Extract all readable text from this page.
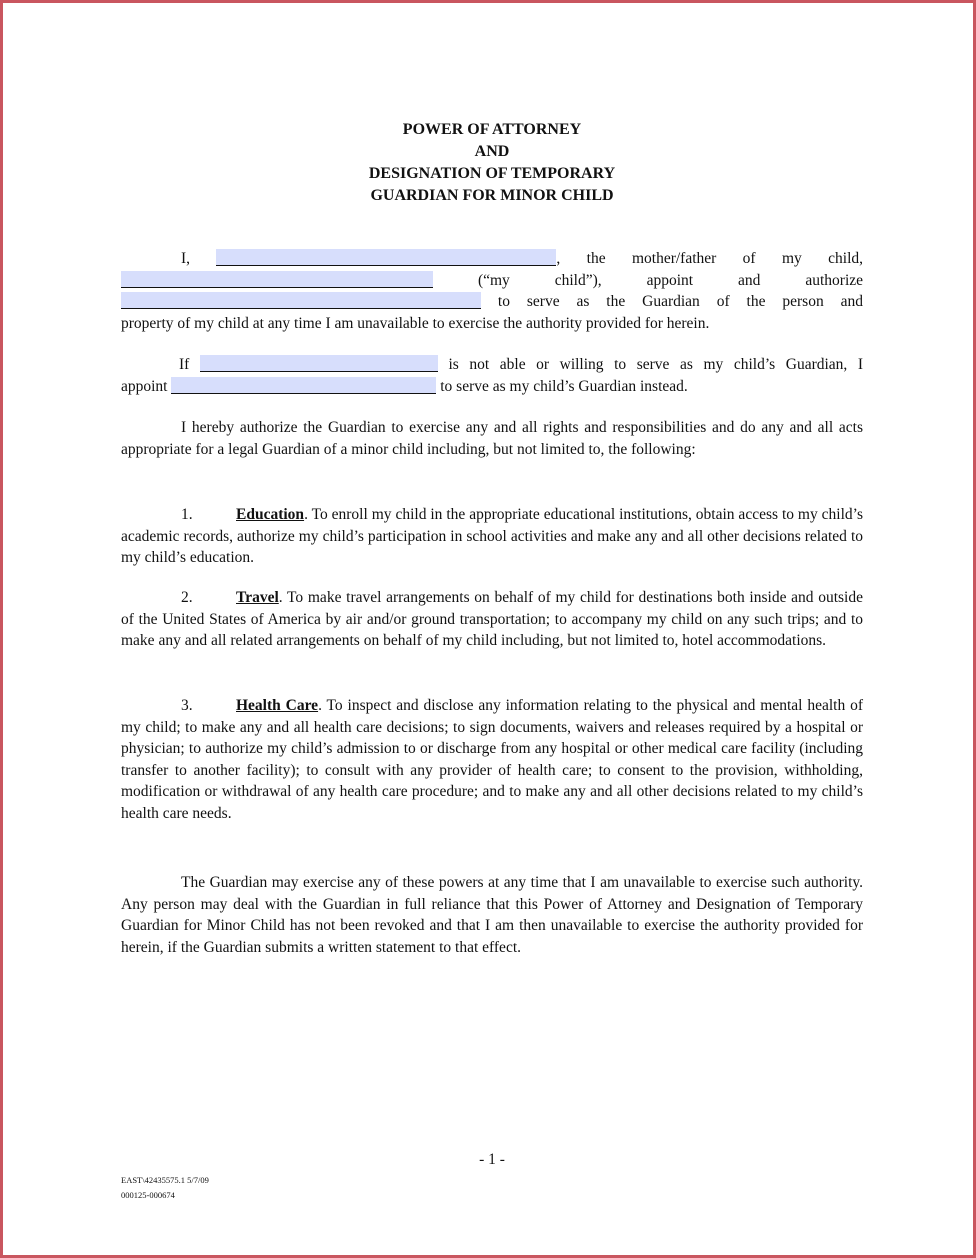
POWER OF ATTORNEY
AND
DESIGNATION OF TEMPORARY
GUARDIAN FOR MINOR CHILD

I,	, the mother/father of my child,

(“my child”), appoint and authorize

to serve as the Guardian of the person and

property of my child at any time I am unavailable to exercise the authority provided for herein.

If	is not able or willing to serve as my child’s Guardian, I

appoint	to serve as my child’s Guardian instead.

I hereby authorize the Guardian to exercise any and all rights and responsibilities and do any and all acts appropriate for a legal Guardian of a minor child including, but not limited to, the following:

1.	Education. To enroll my child in the appropriate educational institutions, obtain access to my child’s academic records, authorize my child’s participation in school activities and make any and all other decisions related to my child’s education.

2.	Travel. To make travel arrangements on behalf of my child for destinations both inside and outside of the United States of America by air and/or ground transportation; to accompany my child on any such trips; and to make any and all related arrangements on behalf of my child including, but not limited to, hotel accommodations.

3.	Health Care. To inspect and disclose any information relating to the physical and mental health of my child; to make any and all health care decisions; to sign documents, waivers and releases required by a hospital or physician; to authorize my child’s admission to or discharge from any hospital or other medical care facility (including transfer to another facility); to consult with any provider of health care; to consent to the provision, withholding, modification or withdrawal of any health care procedure; and to make any and all other decisions related to my child’s health care needs.

The Guardian may exercise any of these powers at any time that I am unavailable to exercise such authority. Any person may deal with the Guardian in full reliance that this Power of Attorney and Designation of Temporary Guardian for Minor Child has not been revoked and that I am then unavailable to exercise the authority provided for herein, if the Guardian submits a written statement to that effect.

- 1 -
EAST\42435575.1 5/7/09
000125-000674
